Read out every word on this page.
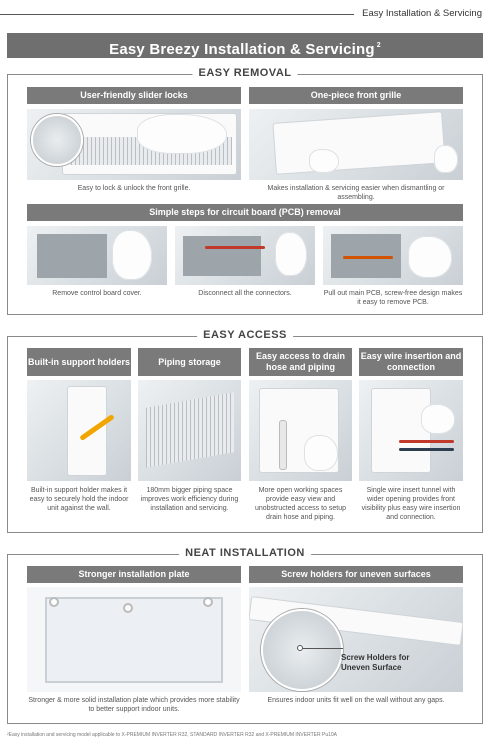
Easy Installation & Servicing
Easy Breezy Installation & Servicing $^2$
EASY REMOVAL
User-friendly slider locks
Easy to lock & unlock the front grille.
One-piece front grille
Makes installation & servicing easier when dismantling or assembling.
Simple steps for circuit board (PCB) removal
Remove control board cover.	Disconnect all the connectors.	Pull out main PCB, screw-free design makes it easy to remove PCB.
EASY ACCESS
Built-in support holders
Built-in support holder makes it easy to securely hold the indoor unit against the wall.
Piping storage
180mm bigger piping space improves work efficiency during installation and servicing.
Easy access to drain hose and piping
More open working spaces provide easy view and unobstructed access to setup drain hose and piping.
Easy wire insertion and connection
Single wire insert tunnel with wider opening provides front visibility plus easy wire insertion and connection.
NEAT INSTALLATION
Stronger installation plate
Stronger & more solid installation plate which provides more stability to better support indoor units.
Screw holders for uneven surfaces
Screw Holders for Uneven Surface
Ensures indoor units fit well on the wall without any gaps.
²Easy installation and servicing model applicable to X-PREMIUM INVERTER R32, STANDARD INVERTER R32 and X-PREMIUM INVERTER Pu10A
